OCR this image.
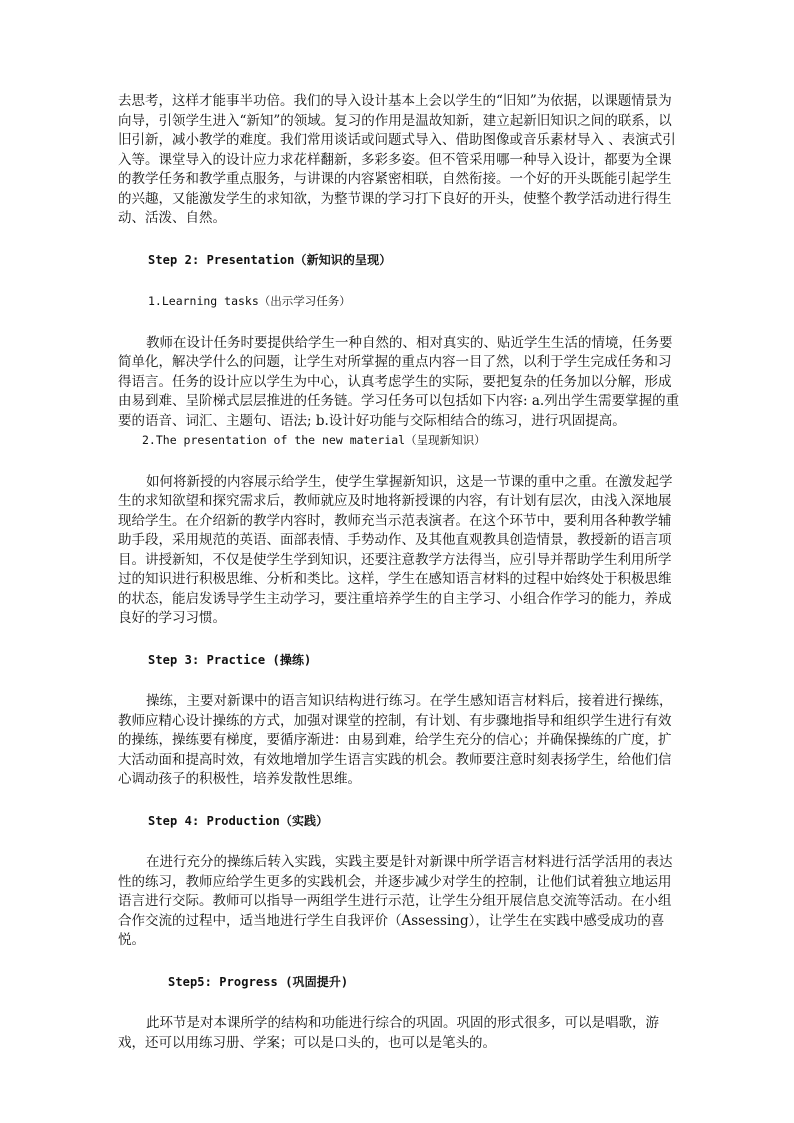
去思考，这样才能事半功倍。我们的导入设计基本上会以学生的“旧知”为依据，以课题情景为向导，引领学生进入“新知”的领域。复习的作用是温故知新，建立起新旧知识之间的联系，以旧引新，减小教学的难度。我们常用谈话或问题式导入、借助图像或音乐素材导入 、表演式引入等。课堂导入的设计应力求花样翻新，多彩多姿。但不管采用哪一种导入设计，都要为全课的教学任务和教学重点服务，与讲课的内容紧密相联，自然衔接。一个好的开头既能引起学生的兴趣，又能激发学生的求知欲，为整节课的学习打下良好的开头，使整个教学活动进行得生动、活泼、自然。

Step 2: Presentation（新知识的呈现）

1.Learning tasks（出示学习任务）

教师在设计任务时要提供给学生一种自然的、相对真实的、贴近学生生活的情境，任务要简单化，解决学什么的问题，让学生对所掌握的重点内容一目了然，以利于学生完成任务和习得语言。任务的设计应以学生为中心，认真考虑学生的实际，要把复杂的任务加以分解，形成由易到难、呈阶梯式层层推进的任务链。学习任务可以包括如下内容: a.列出学生需要掌握的重要的语音、词汇、主题句、语法; b.设计好功能与交际相结合的练习，进行巩固提高。

2.The presentation of the new material（呈现新知识）

如何将新授的内容展示给学生，使学生掌握新知识，这是一节课的重中之重。在激发起学生的求知欲望和探究需求后，教师就应及时地将新授课的内容，有计划有层次，由浅入深地展现给学生。在介绍新的教学内容时，教师充当示范表演者。在这个环节中，要利用各种教学辅助手段，采用规范的英语、面部表情、手势动作、及其他直观教具创造情景，教授新的语言项目。讲授新知，不仅是使学生学到知识，还要注意教学方法得当，应引导并帮助学生利用所学过的知识进行积极思维、分析和类比。这样，学生在感知语言材料的过程中始终处于积极思维的状态，能启发诱导学生主动学习，要注重培养学生的自主学习、小组合作学习的能力，养成良好的学习习惯。

Step 3: Practice (操练)

操练，主要对新课中的语言知识结构进行练习。在学生感知语言材料后，接着进行操练，教师应精心设计操练的方式，加强对课堂的控制，有计划、有步骤地指导和组织学生进行有效的操练，操练要有梯度，要循序渐进：由易到难，给学生充分的信心；并确保操练的广度，扩大活动面和提高时效，有效地增加学生语言实践的机会。教师要注意时刻表扬学生，给他们信心调动孩子的积极性，培养发散性思维。

Step 4: Production（实践）

在进行充分的操练后转入实践，实践主要是针对新课中所学语言材料进行活学活用的表达性的练习，教师应给学生更多的实践机会，并逐步减少对学生的控制，让他们试着独立地运用语言进行交际。教师可以指导一两组学生进行示范，让学生分组开展信息交流等活动。在小组合作交流的过程中，适当地进行学生自我评价（Assessing），让学生在实践中感受成功的喜悦。

Step5: Progress (巩固提升)

此环节是对本课所学的结构和功能进行综合的巩固。巩固的形式很多，可以是唱歌，游戏，还可以用练习册、学案；可以是口头的，也可以是笔头的。
